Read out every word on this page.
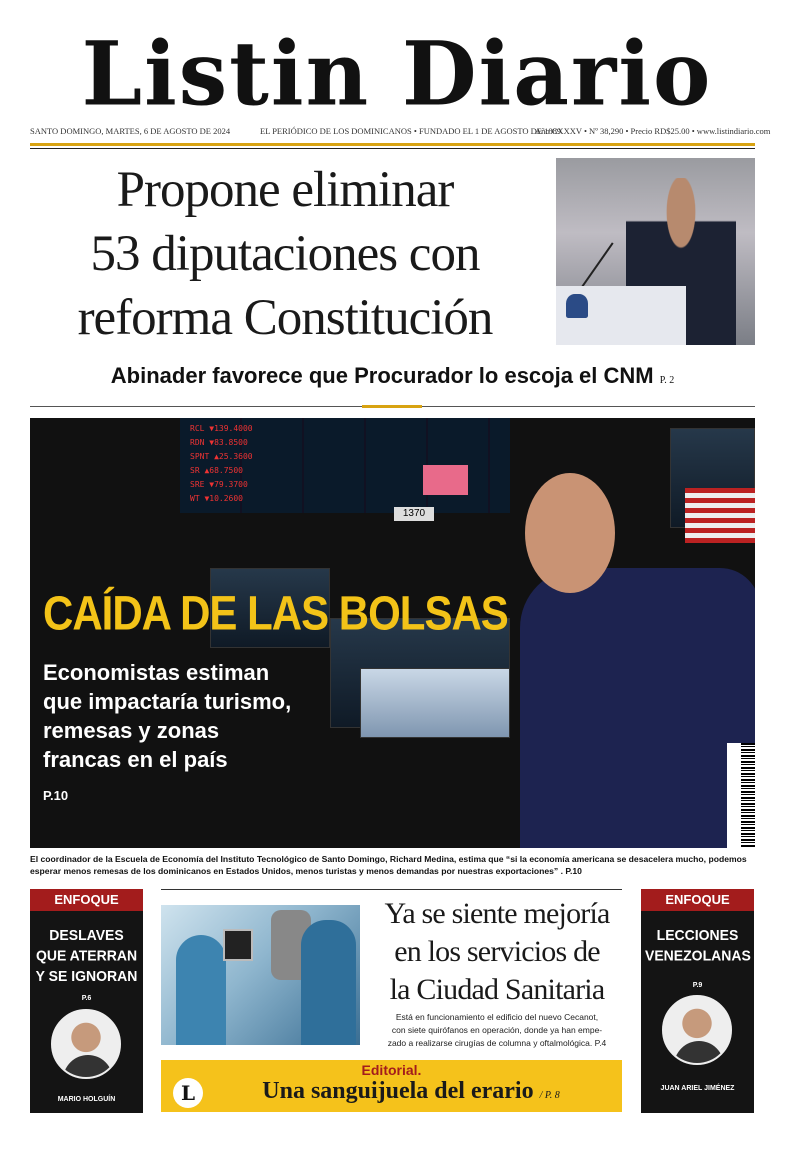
Listin Diario
SANTO DOMINGO, MARTES, 6 DE AGOSTO DE 2024	EL PERIÓDICO DE LOS DOMINICANOS • FUNDADO EL 1 DE AGOSTO DE 1889
Año CXXXV • Nº 38,290 • Precio RD$25.00 • www.listindiario.com
Propone eliminar
53 diputaciones con
reforma Constitución
Abinader favorece que Procurador lo escoja el CNM P. 2
RCL ▼139.4000
RDN ▼83.8500
SPNT ▲25.3600
SR ▲68.7500
SRE ▼79.3700
WT ▼10.2600
1370
CAÍDA DE LAS BOLSAS
Economistas estiman
que impactaría turismo,
remesas y zonas
francas en el país
P.10
El coordinador de la Escuela de Economía del Instituto Tecnológico de Santo Domingo, Richard Medina, estima que “si la economía americana se desacelera mucho, podemos esperar menos remesas de los dominicanos en Estados Unidos, menos turistas y menos demandas por nuestras exportaciones” . P.10
ENFOQUE
DESLAVES
QUE ATERRAN
Y SE IGNORAN
P.6
MARIO HOLGUÍN
ENFOQUE
LECCIONES
VENEZOLANAS
P.9
JUAN ARIEL JIMÉNEZ
Ya se siente mejoría
en los servicios de
la Ciudad Sanitaria
Está en funcionamiento el edificio del nuevo Cecanot,
con siete quirófanos en operación, donde ya han empe-
zado a realizarse cirugías de columna y oftalmológica. P.4
Editorial.
L	Una sanguijuela del erario / P. 8
